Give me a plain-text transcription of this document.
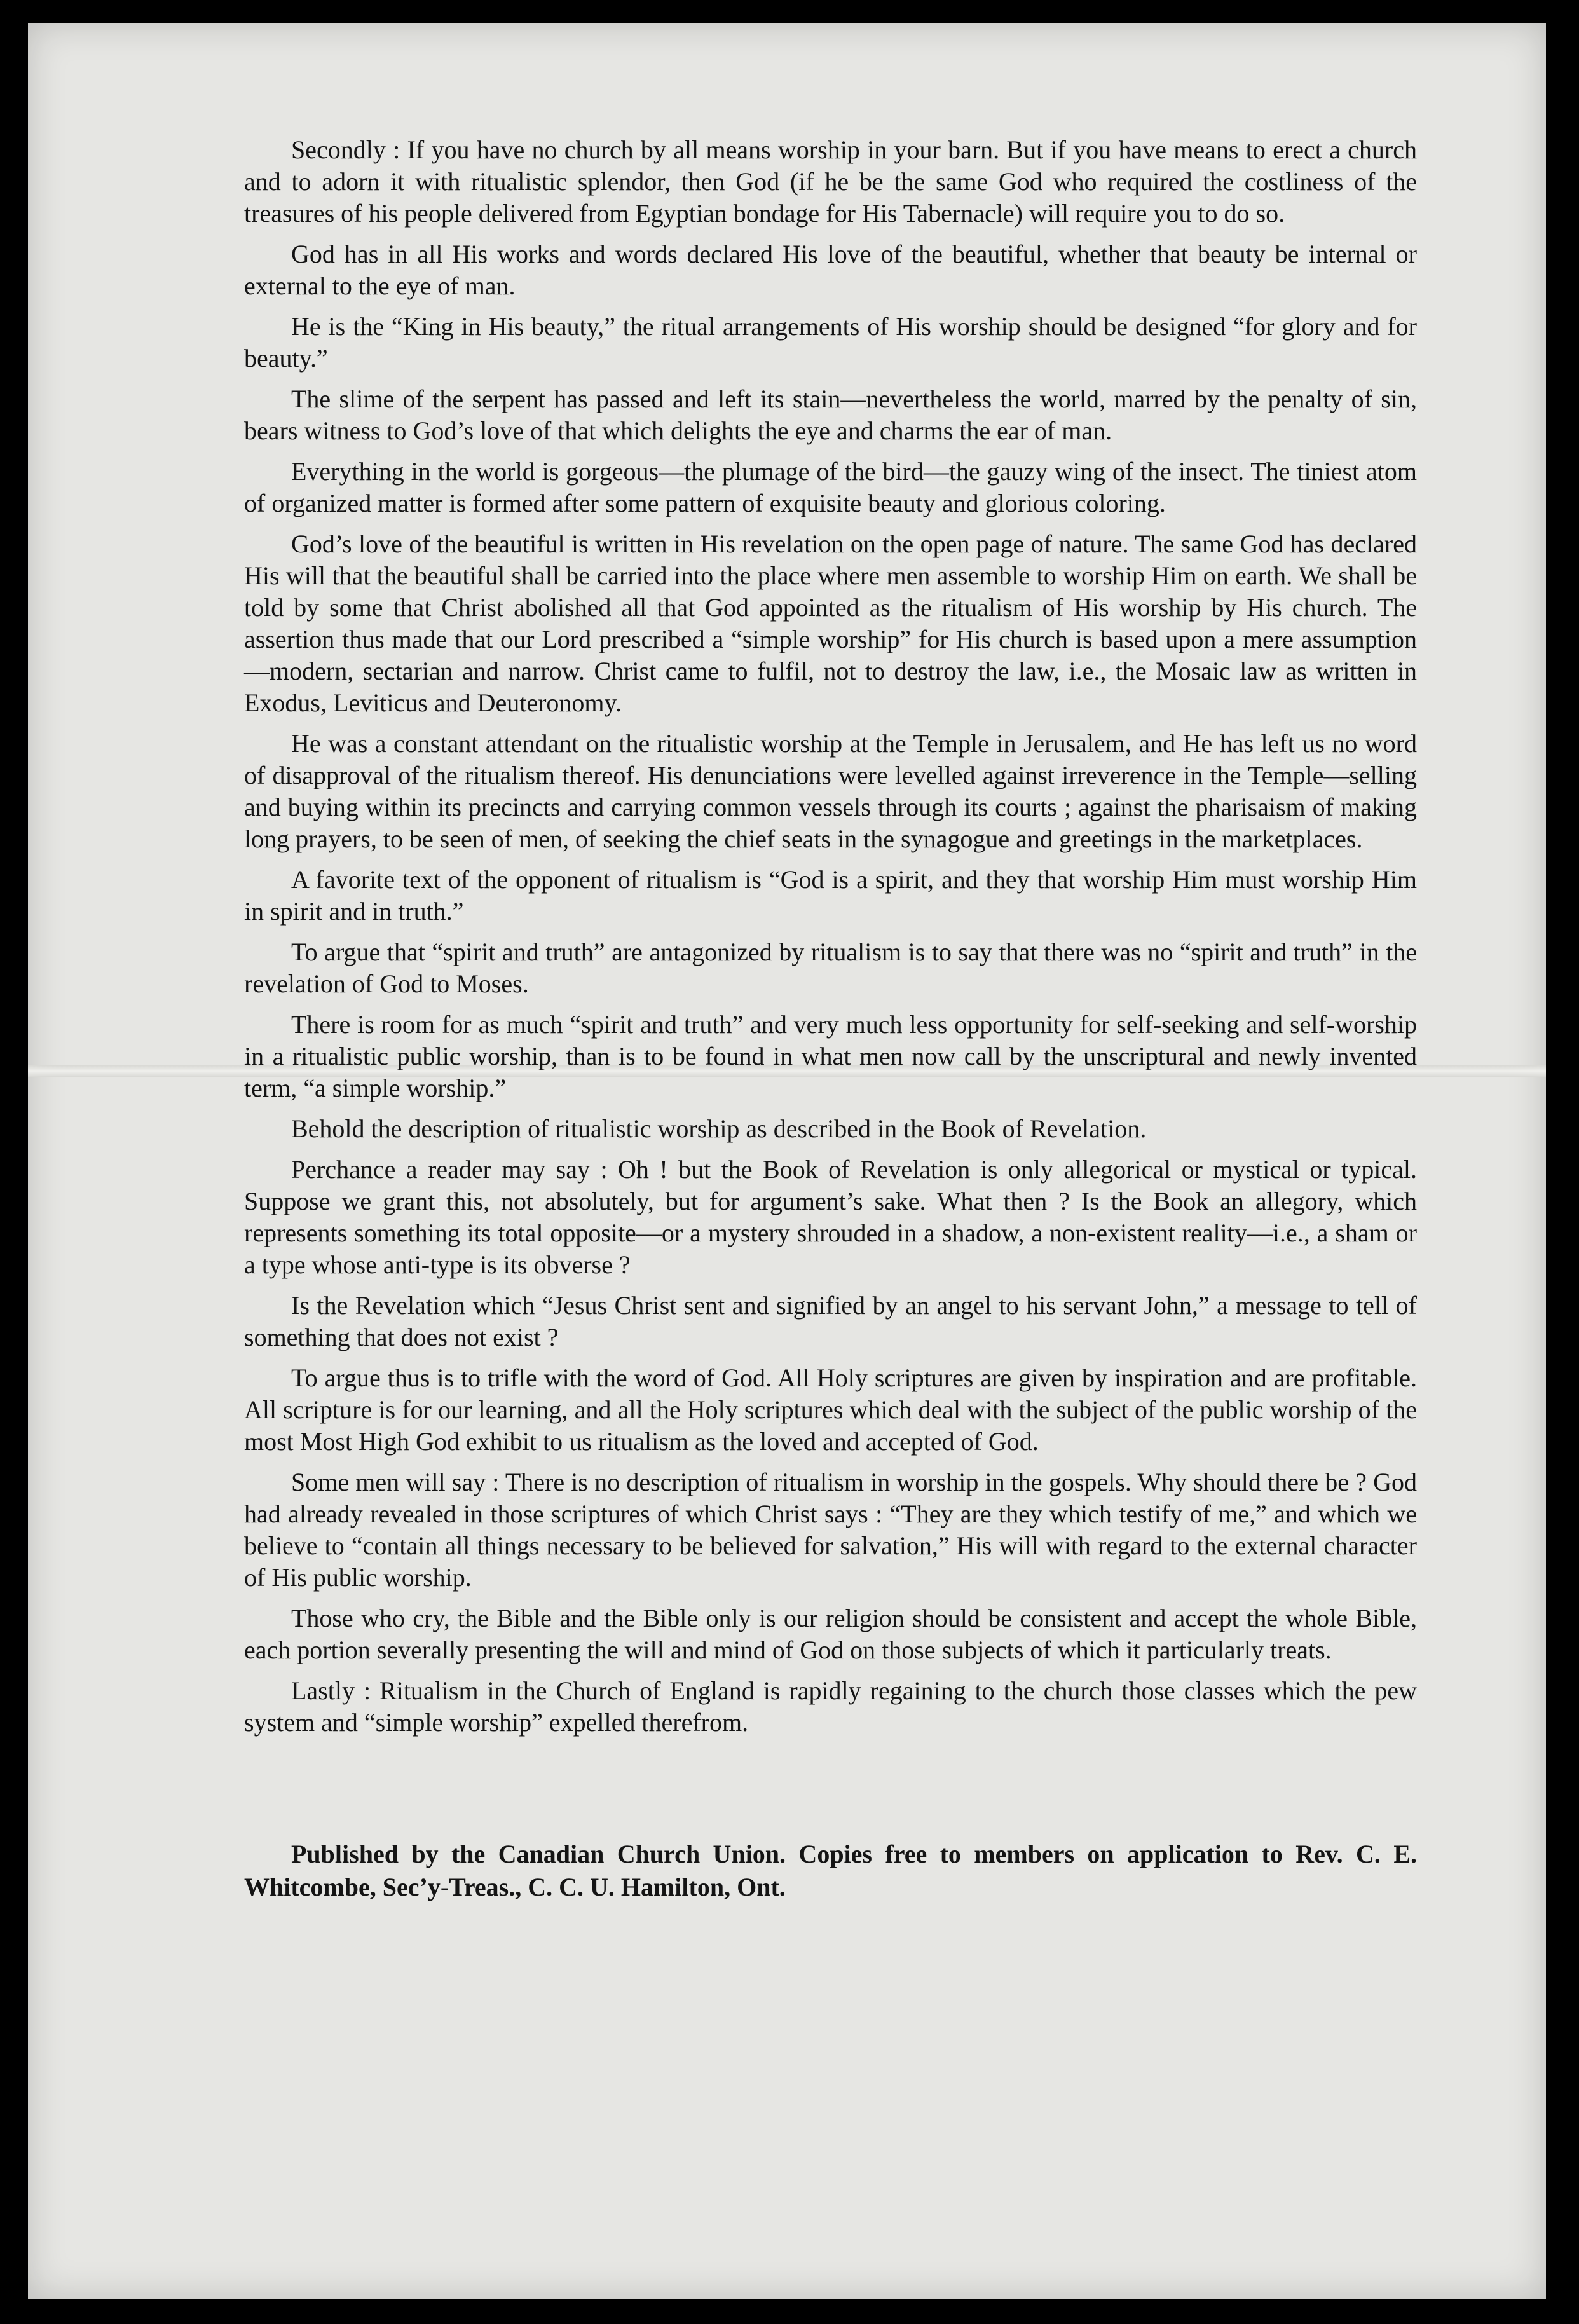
Secondly : If you have no church by all means worship in your barn. But if you have means to erect a church and to adorn it with ritualistic splendor, then God (if he be the same God who required the costliness of the treasures of his people delivered from Egyptian bondage for His Tabernacle) will require you to do so.

God has in all His works and words declared His love of the beautiful, whether that beauty be internal or external to the eye of man.

He is the “King in His beauty,” the ritual arrangements of His worship should be designed “for glory and for beauty.”

The slime of the serpent has passed and left its stain—nevertheless the world, marred by the penalty of sin, bears witness to God’s love of that which delights the eye and charms the ear of man.

Everything in the world is gorgeous—the plumage of the bird—the gauzy wing of the insect. The tiniest atom of organized matter is formed after some pattern of exquisite beauty and glorious coloring.

God’s love of the beautiful is written in His revelation on the open page of nature. The same God has declared His will that the beautiful shall be carried into the place where men assemble to worship Him on earth. We shall be told by some that Christ abolished all that God appointed as the ritualism of His worship by His church. The assertion thus made that our Lord prescribed a “simple worship” for His church is based upon a mere assumption —modern, sectarian and narrow. Christ came to fulfil, not to destroy the law, i.e., the Mosaic law as written in Exodus, Leviticus and Deuteronomy.

He was a constant attendant on the ritualistic worship at the Temple in Jerusalem, and He has left us no word of disapproval of the ritualism thereof. His denunciations were levelled against irreverence in the Temple—selling and buying within its precincts and carrying common vessels through its courts ; against the pharisaism of making long prayers, to be seen of men, of seeking the chief seats in the synagogue and greetings in the marketplaces.

A favorite text of the opponent of ritualism is “God is a spirit, and they that worship Him must worship Him in spirit and in truth.”

To argue that “spirit and truth” are antagonized by ritualism is to say that there was no “spirit and truth” in the revelation of God to Moses.

There is room for as much “spirit and truth” and very much less opportunity for self-seeking and self-worship in a ritualistic public worship, than is to be found in what men now call by the unscriptural and newly invented term, “a simple worship.”

Behold the description of ritualistic worship as described in the Book of Revelation.

Perchance a reader may say : Oh ! but the Book of Revelation is only allegorical or mystical or typical. Suppose we grant this, not absolutely, but for argument’s sake. What then ? Is the Book an allegory, which represents something its total opposite—or a mystery shrouded in a shadow, a non-existent reality—i.e., a sham or a type whose anti-type is its obverse ?

Is the Revelation which “Jesus Christ sent and signified by an angel to his servant John,” a message to tell of something that does not exist ?

To argue thus is to trifle with the word of God. All Holy scriptures are given by inspiration and are profitable. All scripture is for our learning, and all the Holy scriptures which deal with the subject of the public worship of the most Most High God exhibit to us ritualism as the loved and accepted of God.

Some men will say : There is no description of ritualism in worship in the gospels. Why should there be ? God had already revealed in those scriptures of which Christ says : “They are they which testify of me,” and which we believe to “contain all things necessary to be believed for salvation,” His will with regard to the external character of His public worship.

Those who cry, the Bible and the Bible only is our religion should be consistent and accept the whole Bible, each portion severally presenting the will and mind of God on those subjects of which it particularly treats.

Lastly : Ritualism in the Church of England is rapidly regaining to the church those classes which the pew system and “simple worship” expelled therefrom.

Published by the Canadian Church Union. Copies free to members on application to Rev. C. E. Whitcombe, Sec’y-Treas., C. C. U. Hamilton, Ont.
